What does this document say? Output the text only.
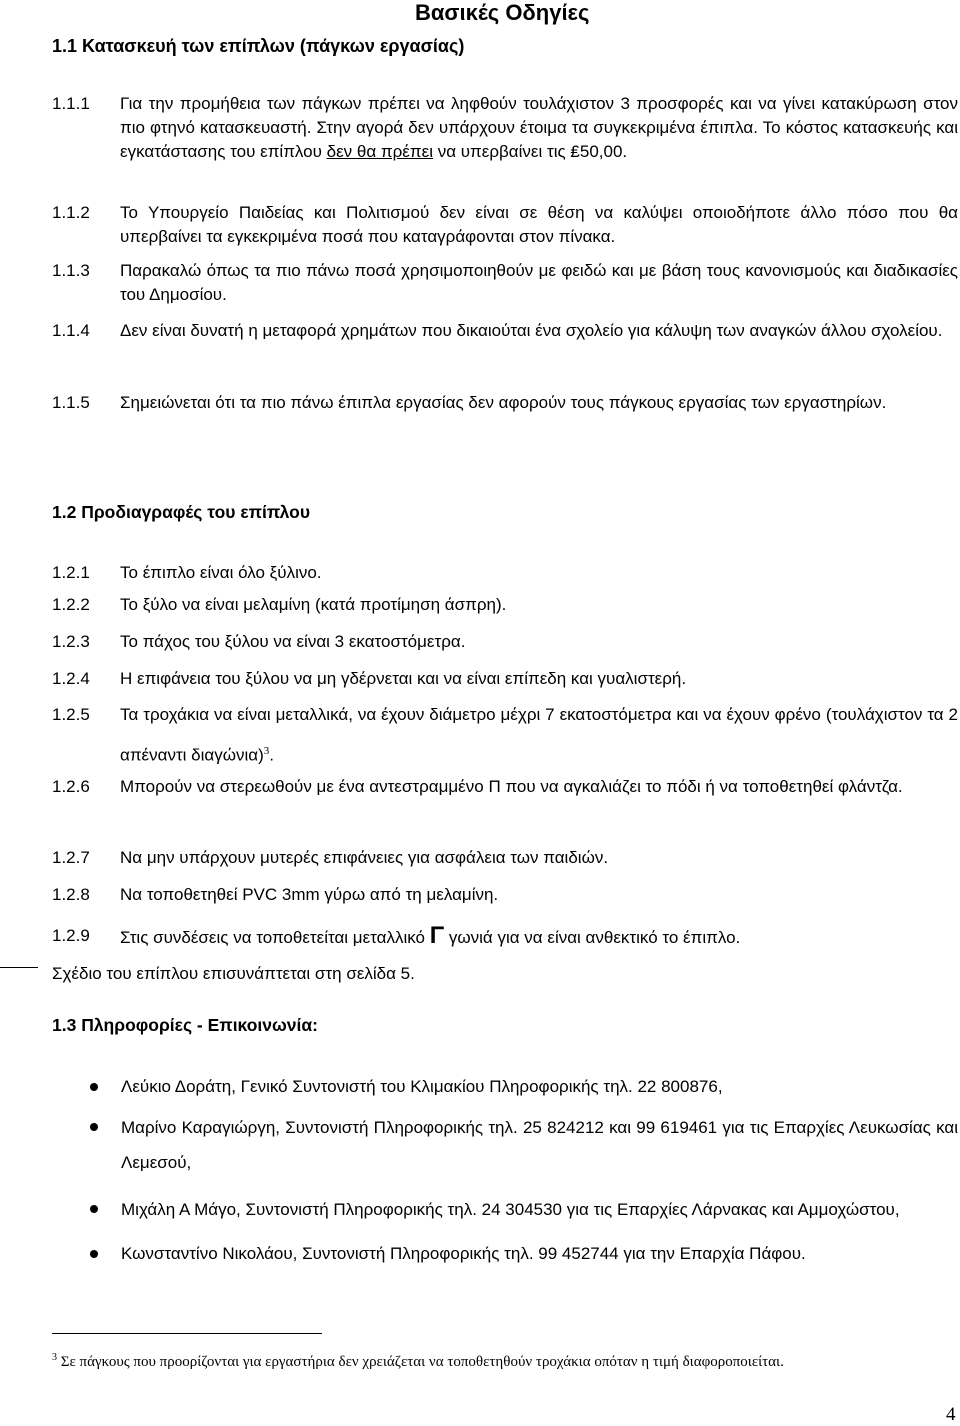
Βασικές Οδηγίες
1.1 Κατασκευή των επίπλων (πάγκων εργασίας)
1.1.1 Για την προμήθεια των πάγκων πρέπει να ληφθούν τουλάχιστον 3 προσφορές και να γίνει κατακύρωση στον πιο φτηνό κατασκευαστή. Στην αγορά δεν υπάρχουν έτοιμα τα συγκεκριμένα έπιπλα. Το κόστος κατασκευής και εγκατάστασης του επίπλου δεν θα πρέπει να υπερβαίνει τις ₤50,00.
1.1.2 Το Υπουργείο Παιδείας και Πολιτισμού δεν είναι σε θέση να καλύψει οποιοδήποτε άλλο πόσο που θα υπερβαίνει τα εγκεκριμένα ποσά που καταγράφονται στον πίνακα.
1.1.3 Παρακαλώ όπως τα πιο πάνω ποσά χρησιμοποιηθούν με φειδώ και με βάση τους κανονισμούς και διαδικασίες του Δημοσίου.
1.1.4 Δεν είναι δυνατή η μεταφορά χρημάτων που δικαιούται ένα σχολείο για κάλυψη των αναγκών άλλου σχολείου.
1.1.5 Σημειώνεται ότι τα πιο πάνω έπιπλα εργασίας δεν αφορούν τους πάγκους εργασίας των εργαστηρίων.
1.2 Προδιαγραφές του επίπλου
1.2.1 Το έπιπλο είναι όλο ξύλινο.
1.2.2 Το ξύλο να είναι μελαμίνη (κατά προτίμηση άσπρη).
1.2.3 Το πάχος του ξύλου να είναι 3 εκατοστόμετρα.
1.2.4 Η επιφάνεια του ξύλου να μη γδέρνεται και να είναι επίπεδη και γυαλιστερή.
1.2.5 Τα τροχάκια να είναι μεταλλικά, να έχουν διάμετρο μέχρι 7 εκατοστόμετρα και να έχουν φρένο (τουλάχιστον τα 2 απέναντι διαγώνια)$^3$.
1.2.6 Μπορούν να στερεωθούν με ένα αντεστραμμένο Π που να αγκαλιάζει το πόδι ή να τοποθετηθεί φλάντζα.
1.2.7 Να μην υπάρχουν μυτερές επιφάνειες για ασφάλεια των παιδιών.
1.2.8 Να τοποθετηθεί PVC 3mm γύρω από τη μελαμίνη.
1.2.9 Στις συνδέσεις να τοποθετείται μεταλλικό Γ γωνιά για να είναι ανθεκτικό το έπιπλο.
Σχέδιο του επίπλου επισυνάπτεται στη σελίδα 5.
1.3 Πληροφορίες - Επικοινωνία:
Λεύκιο Δοράτη, Γενικό Συντονιστή του Κλιμακίου Πληροφορικής τηλ. 22 800876,
Μαρίνο Καραγιώργη, Συντονιστή Πληροφορικής τηλ. 25 824212 και 99 619461 για τις Επαρχίες Λευκωσίας και Λεμεσού,
Μιχάλη Α Μάγο, Συντονιστή Πληροφορικής τηλ. 24 304530 για τις Επαρχίες Λάρνακας και Αμμοχώστου,
Κωνσταντίνο Νικολάου, Συντονιστή Πληροφορικής τηλ. 99 452744 για την Επαρχία Πάφου.
$^3$ Σε πάγκους που προορίζονται για εργαστήρια δεν χρειάζεται να τοποθετηθούν τροχάκια οπόταν η τιμή διαφοροποιείται.
4
